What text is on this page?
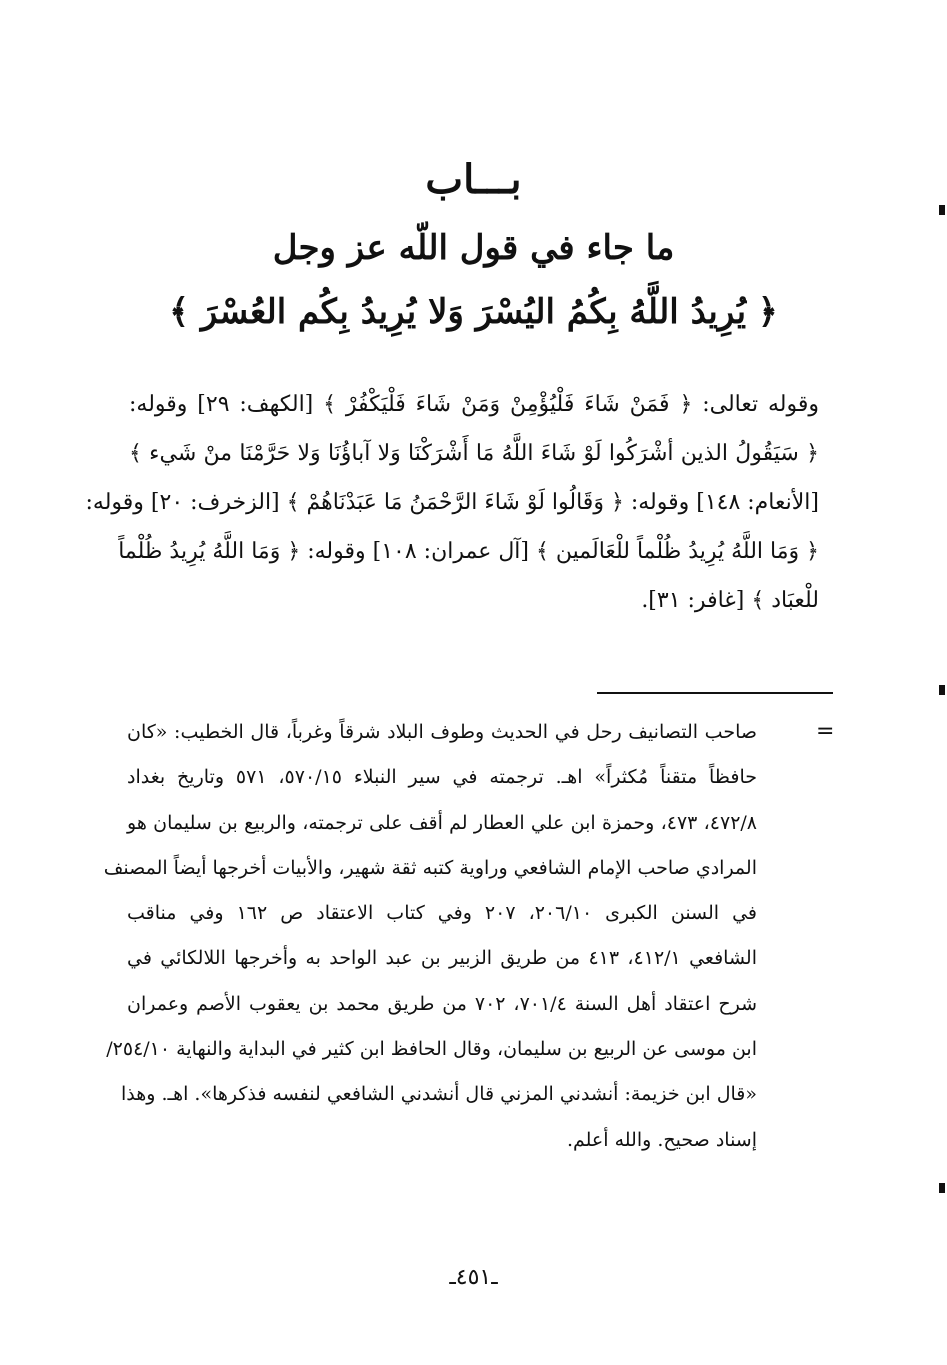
بـــاب
ما جاء في قول اللّه عز وجل
﴿ يُرِيدُ اللَّهُ بِكُمُ اليُسْرَ وَلا يُرِيدُ بِكُم العُسْرَ ﴾
وقوله تعالى: ﴿ فَمَنْ شَاءَ فَلْيُؤْمِنْ وَمَنْ شَاءَ فَلْيَكْفُرْ ﴾ [الكهف: ٢٩] وقوله:
﴿ سَيَقُولُ الذين أشْرَكُوا لَوْ شَاءَ اللَّهُ مَا أَشْرَكْنَا وَلا آباؤُنَا وَلا حَرَّمْنَا منْ شَيء ﴾
[الأنعام: ١٤٨] وقوله: ﴿ وَقَالُوا لَوْ شَاءَ الرَّحْمَنُ مَا عَبَدْنَاهُمْ ﴾ [الزخرف: ٢٠] وقوله:
﴿ وَمَا اللَّهُ يُرِيدُ ظُلْماً للْعَالَمين ﴾ [آل عمران: ١٠٨] وقوله: ﴿ وَمَا اللَّهُ يُرِيدُ ظُلْماً
للْعبَاد ﴾ [غافر: ٣١].
=
صاحب التصانيف رحل في الحديث وطوف البلاد شرقاً وغرباً، قال الخطيب: «كان
حافظاً متقناً مُكثراً» اهـ. ترجمته في سير النبلاء ٥٧٠/١٥، ٥٧١ وتاريخ بغداد
٤٧٢/٨، ٤٧٣، وحمزة ابن علي العطار لم أقف على ترجمته، والربيع بن سليمان هو
المرادي صاحب الإمام الشافعي وراوية كتبه ثقة شهير، والأبيات أخرجها أيضاً المصنف
في السنن الكبرى ٢٠٦/١٠، ٢٠٧ وفي كتاب الاعتقاد ص ١٦٢ وفي مناقب
الشافعي ٤١٢/١، ٤١٣ من طريق الزبير بن عبد الواحد به وأخرجها اللالكائي في
شرح اعتقاد أهل السنة ٧٠١/٤، ٧٠٢ من طريق محمد بن يعقوب الأصم وعمران
ابن موسى عن الربيع بن سليمان، وقال الحافظ ابن كثير في البداية والنهاية ٢٥٤/١٠/
«قال ابن خزيمة: أنشدني المزني قال أنشدني الشافعي لنفسه فذكرها». اهـ. وهذا
إسناد صحيح. والله أعلم.
ـ٤٥١ـ
